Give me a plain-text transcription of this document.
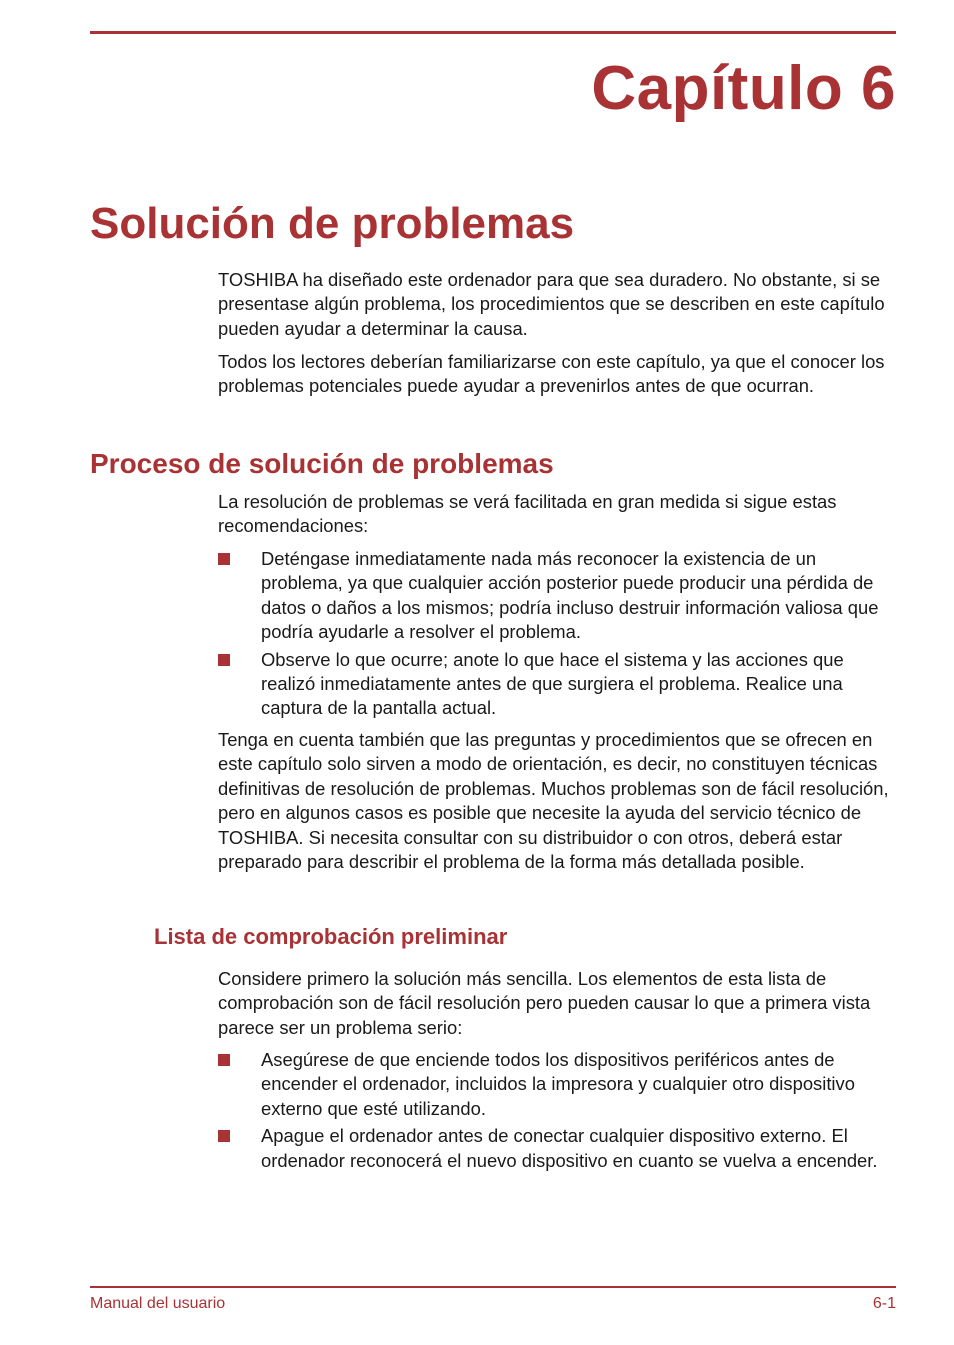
Capítulo 6
Solución de problemas

TOSHIBA ha diseñado este ordenador para que sea duradero. No obstante, si se presentase algún problema, los procedimientos que se describen en este capítulo pueden ayudar a determinar la causa.

Todos los lectores deberían familiarizarse con este capítulo, ya que el conocer los problemas potenciales puede ayudar a prevenirlos antes de que ocurran.

Proceso de solución de problemas

La resolución de problemas se verá facilitada en gran medida si sigue estas recomendaciones:

Deténgase inmediatamente nada más reconocer la existencia de un problema, ya que cualquier acción posterior puede producir una pérdida de datos o daños a los mismos; podría incluso destruir información valiosa que podría ayudarle a resolver el problema.
Observe lo que ocurre; anote lo que hace el sistema y las acciones que realizó inmediatamente antes de que surgiera el problema. Realice una captura de la pantalla actual.

Tenga en cuenta también que las preguntas y procedimientos que se ofrecen en este capítulo solo sirven a modo de orientación, es decir, no constituyen técnicas definitivas de resolución de problemas. Muchos problemas son de fácil resolución, pero en algunos casos es posible que necesite la ayuda del servicio técnico de TOSHIBA. Si necesita consultar con su distribuidor o con otros, deberá estar preparado para describir el problema de la forma más detallada posible.

Lista de comprobación preliminar

Considere primero la solución más sencilla. Los elementos de esta lista de comprobación son de fácil resolución pero pueden causar lo que a primera vista parece ser un problema serio:

Asegúrese de que enciende todos los dispositivos periféricos antes de encender el ordenador, incluidos la impresora y cualquier otro dispositivo externo que esté utilizando.
Apague el ordenador antes de conectar cualquier dispositivo externo. El ordenador reconocerá el nuevo dispositivo en cuanto se vuelva a encender.
Manual del usuario	6-1
